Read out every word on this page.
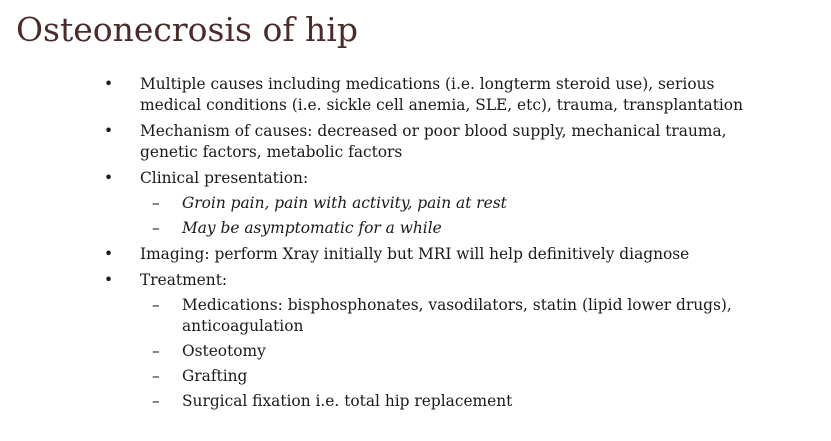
Osteonecrosis of hip
• Multiple causes including medications (i.e. longterm steroid use), serious
medical conditions (i.e. sickle cell anemia, SLE, etc), trauma, transplantation
• Mechanism of causes: decreased or poor blood supply, mechanical trauma,
genetic factors, metabolic factors
• Clinical presentation:
– Groin pain, pain with activity, pain at rest
– May be asymptomatic for a while
• Imaging: perform Xray initially but MRI will help definitively diagnose
• Treatment:
– Medications: bisphosphonates, vasodilators, statin (lipid lower drugs),
anticoagulation
– Osteotomy
– Grafting
– Surgical fixation i.e. total hip replacement
